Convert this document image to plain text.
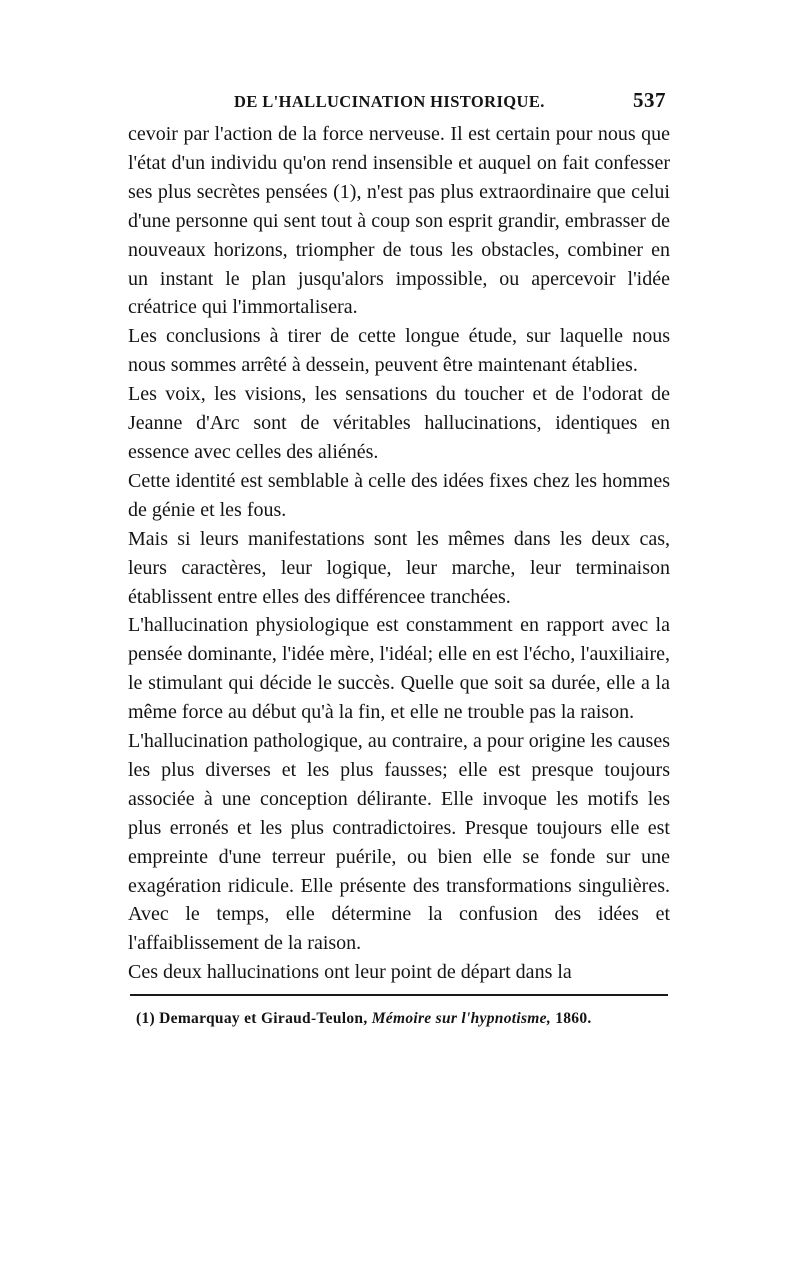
DE L'HALLUCINATION HISTORIQUE.	537

cevoir par l'action de la force nerveuse. Il est certain pour nous que l'état d'un individu qu'on rend insensible et auquel on fait confesser ses plus secrètes pensées (1), n'est pas plus extraordinaire que celui d'une personne qui sent tout à coup son esprit grandir, embrasser de nouveaux horizons, triompher de tous les obstacles, combiner en un instant le plan jusqu'alors impossible, ou apercevoir l'idée créatrice qui l'immortalisera.

Les conclusions à tirer de cette longue étude, sur laquelle nous nous sommes arrêté à dessein, peuvent être maintenant établies.

Les voix, les visions, les sensations du toucher et de l'odorat de Jeanne d'Arc sont de véritables hallucinations, identiques en essence avec celles des aliénés.

Cette identité est semblable à celle des idées fixes chez les hommes de génie et les fous.

Mais si leurs manifestations sont les mêmes dans les deux cas, leurs caractères, leur logique, leur marche, leur terminaison établissent entre elles des différencee tranchées.

L'hallucination physiologique est constamment en rapport avec la pensée dominante, l'idée mère, l'idéal; elle en est l'écho, l'auxiliaire, le stimulant qui décide le succès. Quelle que soit sa durée, elle a la même force au début qu'à la fin, et elle ne trouble pas la raison.

L'hallucination pathologique, au contraire, a pour origine les causes les plus diverses et les plus fausses; elle est presque toujours associée à une conception délirante. Elle invoque les motifs les plus erronés et les plus contradictoires. Presque toujours elle est empreinte d'une terreur puérile, ou bien elle se fonde sur une exagération ridicule. Elle présente des transformations singulières. Avec le temps, elle détermine la confusion des idées et l'affaiblissement de la raison.

Ces deux hallucinations ont leur point de départ dans la

(1) Demarquay et Giraud-Teulon, Mémoire sur l'hypnotisme, 1860.
